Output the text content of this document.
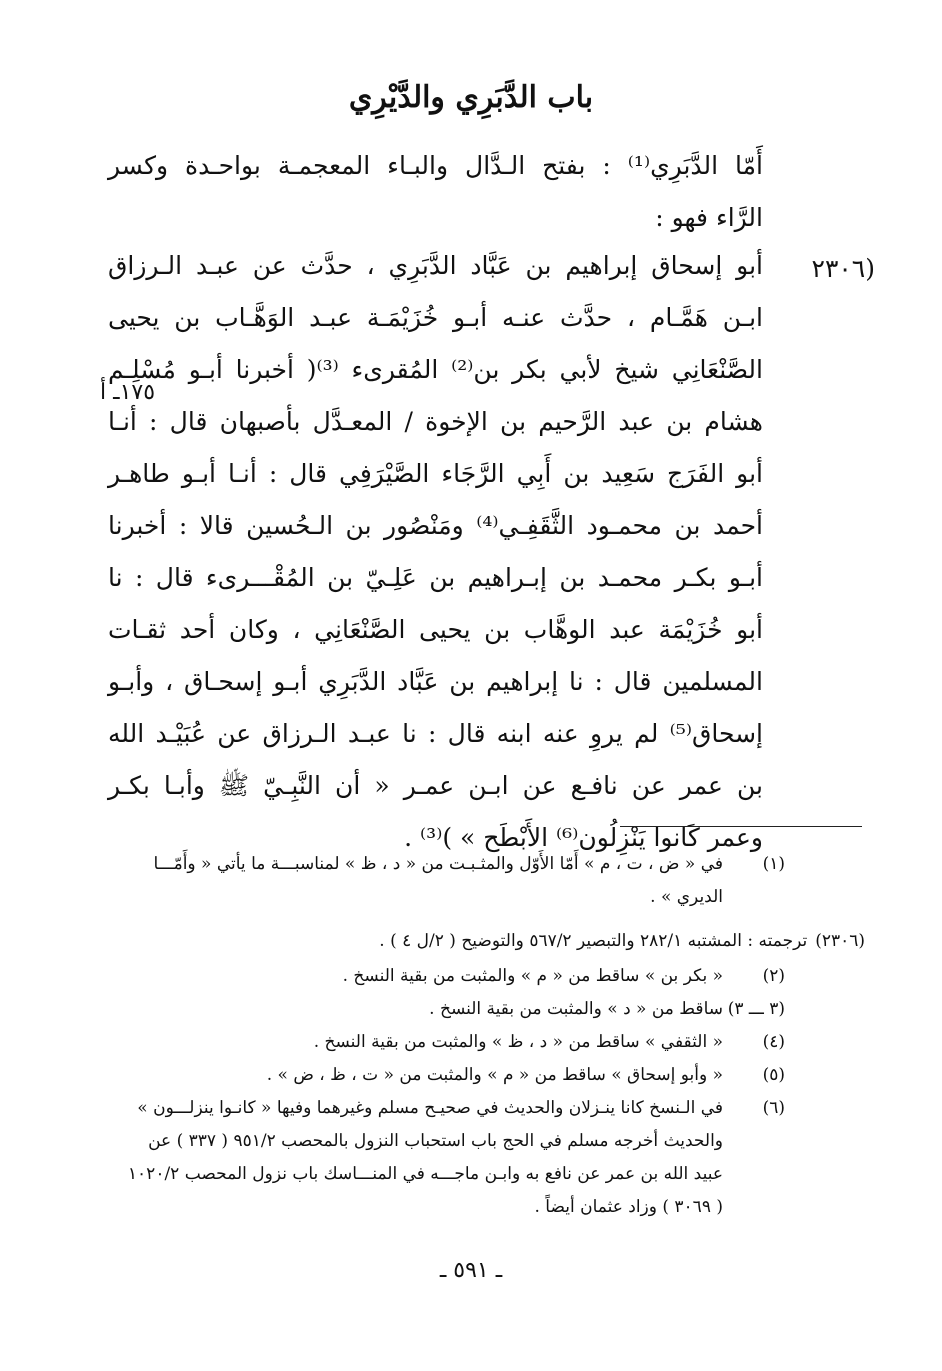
باب الدَّبَرِي والدَّيْرِي

أَمّا الدَّبَرِي⁽¹⁾ : بفتح الـدَّال والبـاء المعجمـة بواحـدة وكسر

الرَّاء فهو :

(٢٣٠٦
١٧٥ـ أ

أبو إسحاق إبراهيم بن عَبَّاد الدَّبَرِي ، حدَّث عن عبـد الـرزاق

ابـن هَمَّـام ، حدَّث عنـه أبـو خُزَيْمَـة عبـد الوَهَّـاب بن يحيى

الصَّنْعَانِي شيخ لأبي بكر بن⁽²⁾ المُقرىء ⁽³⁾( أخبرنا أبـو مُسْلِـم

هشام بن عبد الرَّحيم بن الإخوة / المعـدَّل بأصبهان قال : أنـا

أبو الفَرَج سَعِيد بن أَبِي الرَّجَاء الصَّيْرَفِي قال : أنـا أبـو طاهـر

أحمد بن محمـود الثَّقَفِـي⁽⁴⁾ ومَنْصُور بن الـحُسين قالا : أخبرنا

أبـو بكـر محمـد بن إبـراهيم بن عَلِـيّ بن المُقْـــرىء قال : نا

أبو خُزَيْمَة عبد الوهَّاب بن يحيى الصَّنْعَانِي ، وكان أحد ثقـات

المسلمين قال : نا إبراهيم بن عَبَّاد الدَّبَرِي أبـو إسحـاق ، وأبـو

إسحاق⁽⁵⁾ لم يروِ عنه ابنه قال : نا عبـد الـرزاق عن عُبَيْـد الله

بن عمر عن نافـع عن ابـن عمـر « أن النَّبِـيّ ﷺ وأبـا بكـر

وعمر كَانوا يَنْزِلُون⁽⁶⁾ الأَبْطَح » )⁽³⁾ .

(١)
في « ض ، ت ، م » أَمّا الأَوّل والمثـبـت من « د ، ظ » لمناسبـــة ما يأتي « وأَمّـــا الديري » .

(٢٣٠٦)ترجمته : المشتبه ٢٨٢/١ والتبصير ٥٦٧/٢ والتوضيح ( ٢/ل ٤ ) .

(٢)
« بكر بن » ساقط من « م » والمثبت من بقية النسخ .

(٣ ـــ ٣)
ساقط من « د » والمثبت من بقية النسخ .

(٤)
« الثقفي » ساقط من « د ، ظ » والمثبت من بقية النسخ .

(٥)
« وأبو إسحاق » ساقط من « م » والمثبت من « ت ، ظ ، ض » .

(٦)
في الـنسخ كانا ينـزلان والحديث في صحيـح مسلم وغيرهما وفيها « كانـوا ينزلـــون » والحديث أخرجه مسلم في الحج باب استحباب النزول بالمحصب ٩٥١/٢ ( ٣٣٧ ) عن عبيد الله بن عمر عن نافع به وابـن ماجـــه في المنـــاسك باب نزول المحصب ١٠٢٠/٢ ( ٣٠٦٩ ) وزاد عثمان أيضاً .

ـ ٥٩١ ـ
